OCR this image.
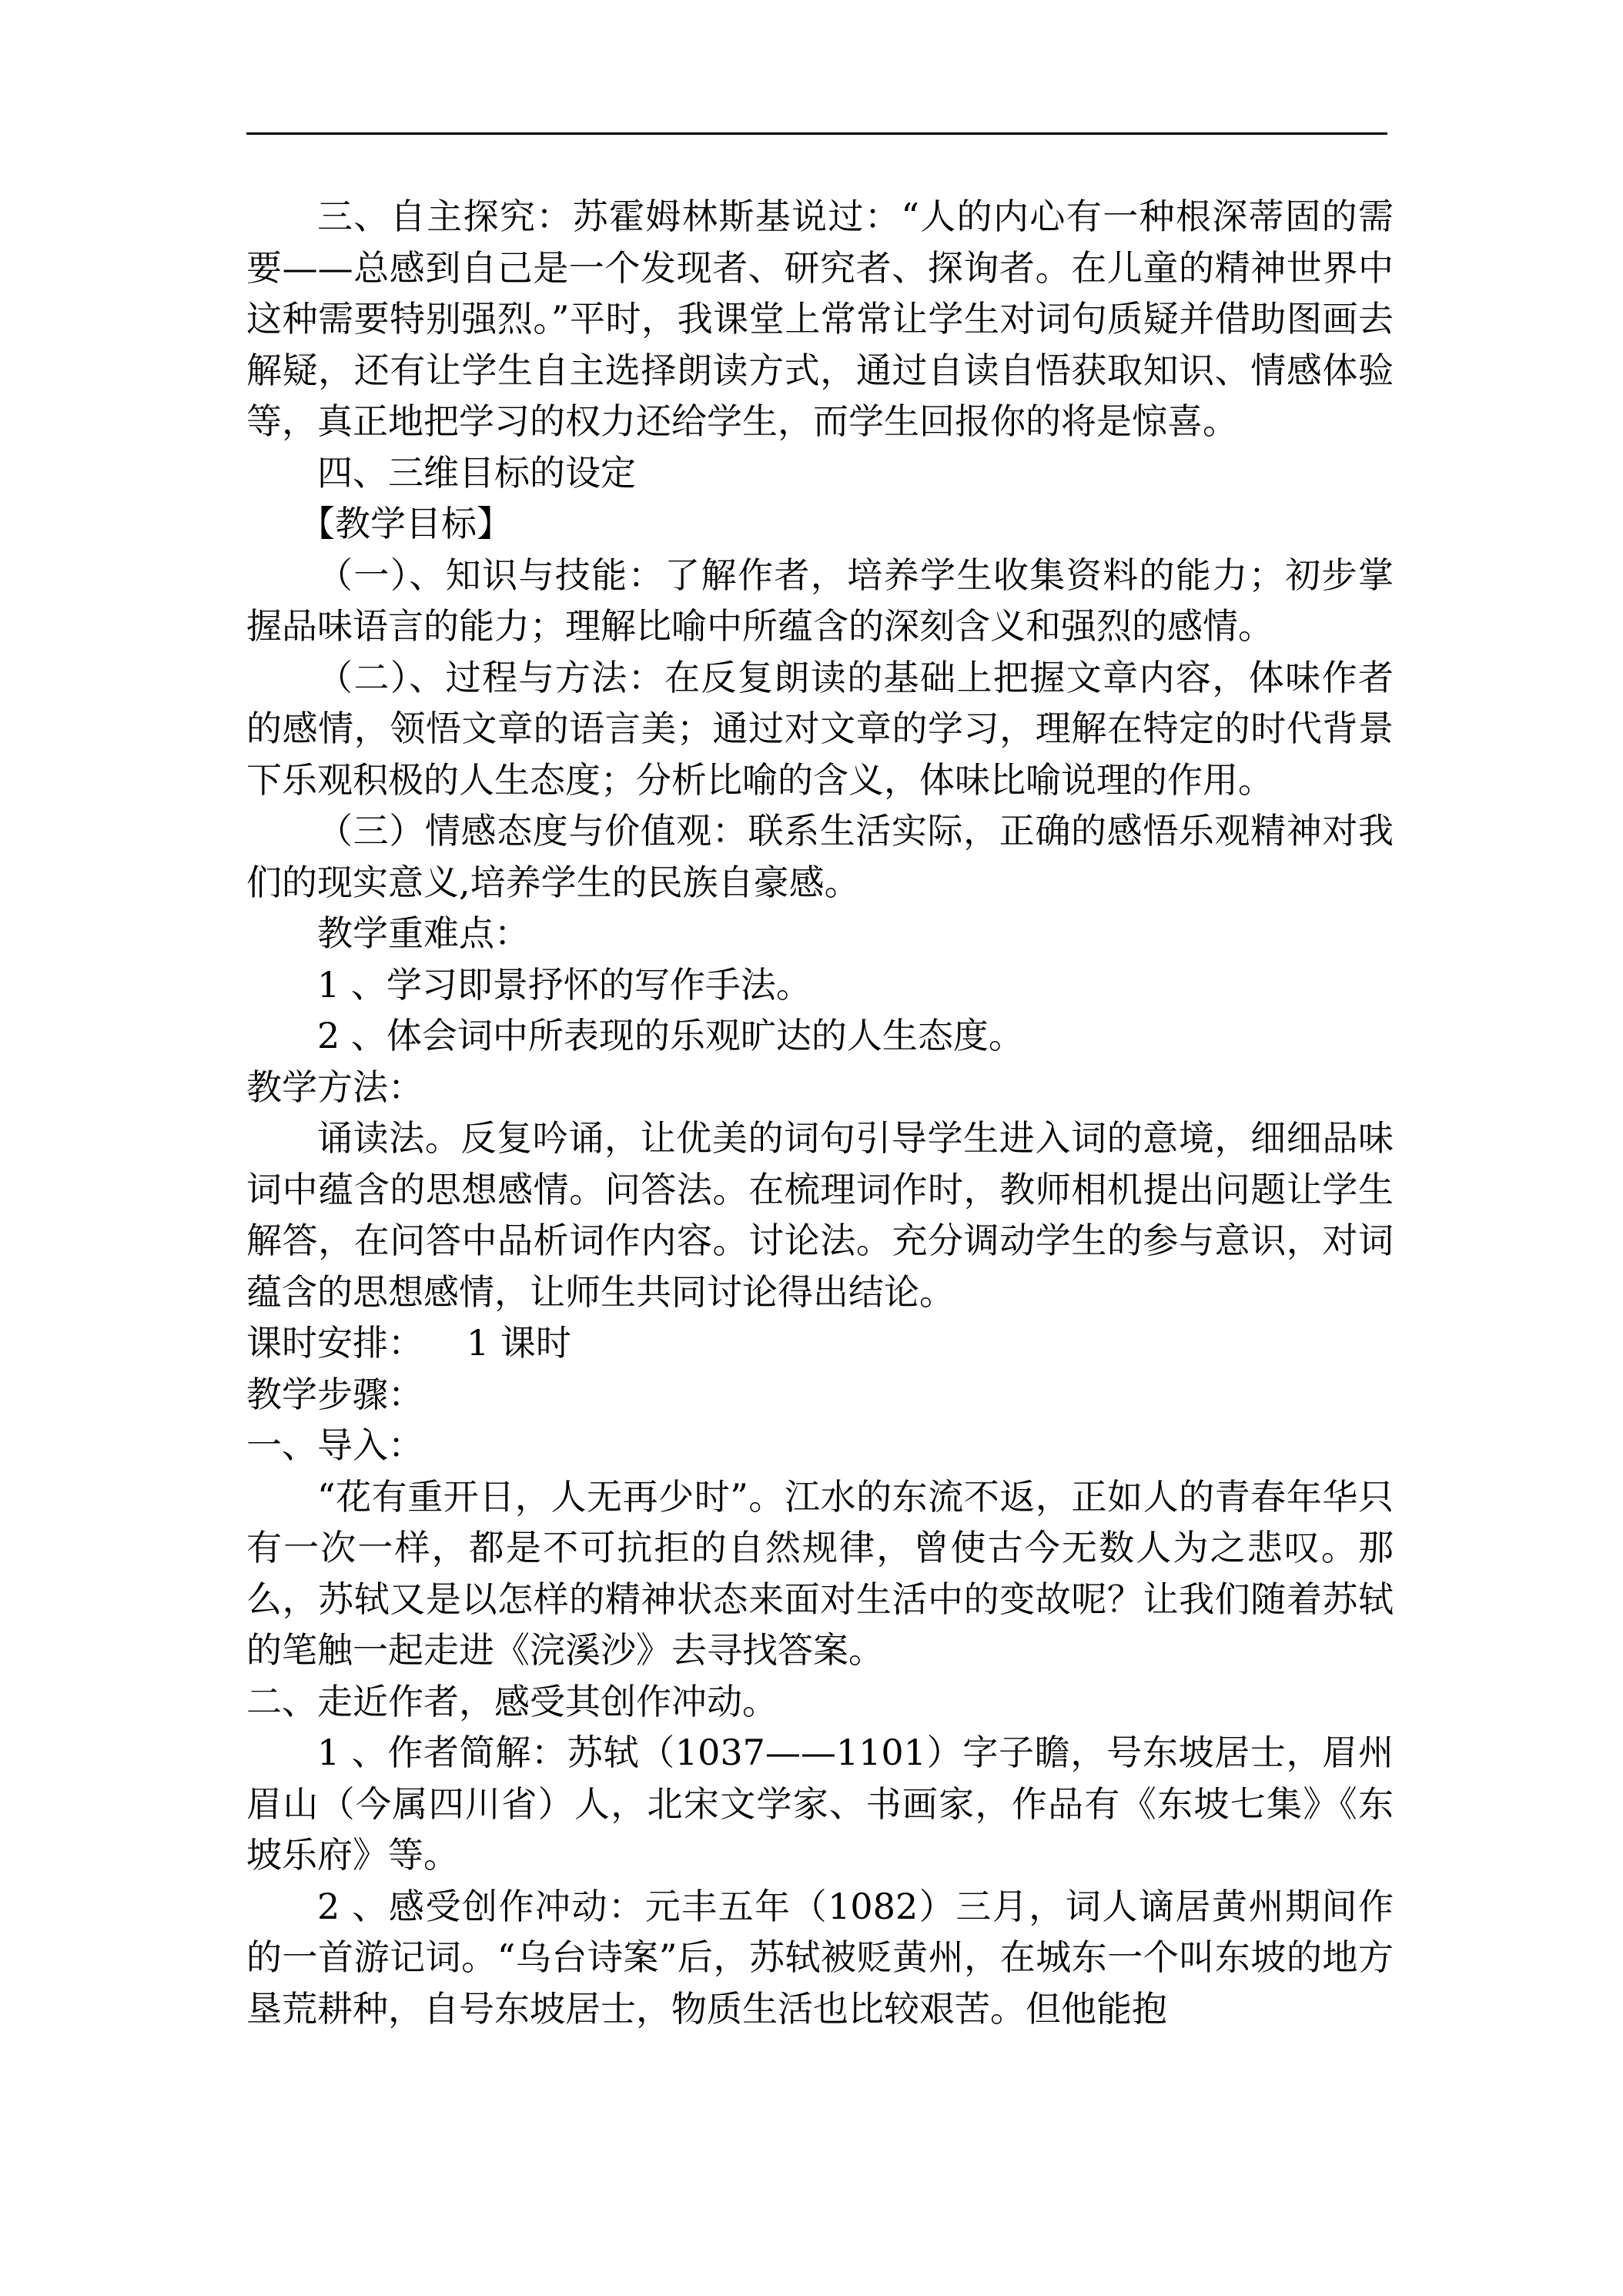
三、自主探究：苏霍姆林斯基说过：“人的内心有一种根深蒂固的需要——总感到自己是一个发现者、研究者、探询者。在儿童的精神世界中这种需要特别强烈。”平时，我课堂上常常让学生对词句质疑并借助图画去解疑，还有让学生自主选择朗读方式，通过自读自悟获取知识、情感体验等，真正地把学习的权力还给学生，而学生回报你的将是惊喜。

四、三维目标的设定

【教学目标】

（一）、知识与技能：了解作者，培养学生收集资料的能力；初步掌握品味语言的能力；理解比喻中所蕴含的深刻含义和强烈的感情。

（二）、过程与方法：在反复朗读的基础上把握文章内容，体味作者的感情，领悟文章的语言美；通过对文章的学习，理解在特定的时代背景下乐观积极的人生态度；分析比喻的含义，体味比喻说理的作用。

（三）情感态度与价值观：联系生活实际，正确的感悟乐观精神对我们的现实意义,培养学生的民族自豪感。

教学重难点：

1 、学习即景抒怀的写作手法。

2 、体会词中所表现的乐观旷达的人生态度。

教学方法：

诵读法。反复吟诵，让优美的词句引导学生进入词的意境，细细品味词中蕴含的思想感情。问答法。在梳理词作时，教师相机提出问题让学生解答，在问答中品析词作内容。讨论法。充分调动学生的参与意识，对词蕴含的思想感情，让师生共同讨论得出结论。

课时安排： 1 课时

教学步骤：

一、导入：

“花有重开日，人无再少时”。江水的东流不返，正如人的青春年华只有一次一样，都是不可抗拒的自然规律，曾使古今无数人为之悲叹。那么，苏轼又是以怎样的精神状态来面对生活中的变故呢？让我们随着苏轼的笔触一起走进《浣溪沙》去寻找答案。

二、走近作者，感受其创作冲动。

1 、作者简解：苏轼（1037——1101）字子瞻，号东坡居士，眉州眉山（今属四川省）人，北宋文学家、书画家，作品有《东坡七集》《东坡乐府》等。

2 、感受创作冲动：元丰五年（1082）三月，词人谪居黄州期间作的一首游记词。“乌台诗案”后，苏轼被贬黄州，在城东一个叫东坡的地方垦荒耕种，自号东坡居士，物质生活也比较艰苦。但他能抱
